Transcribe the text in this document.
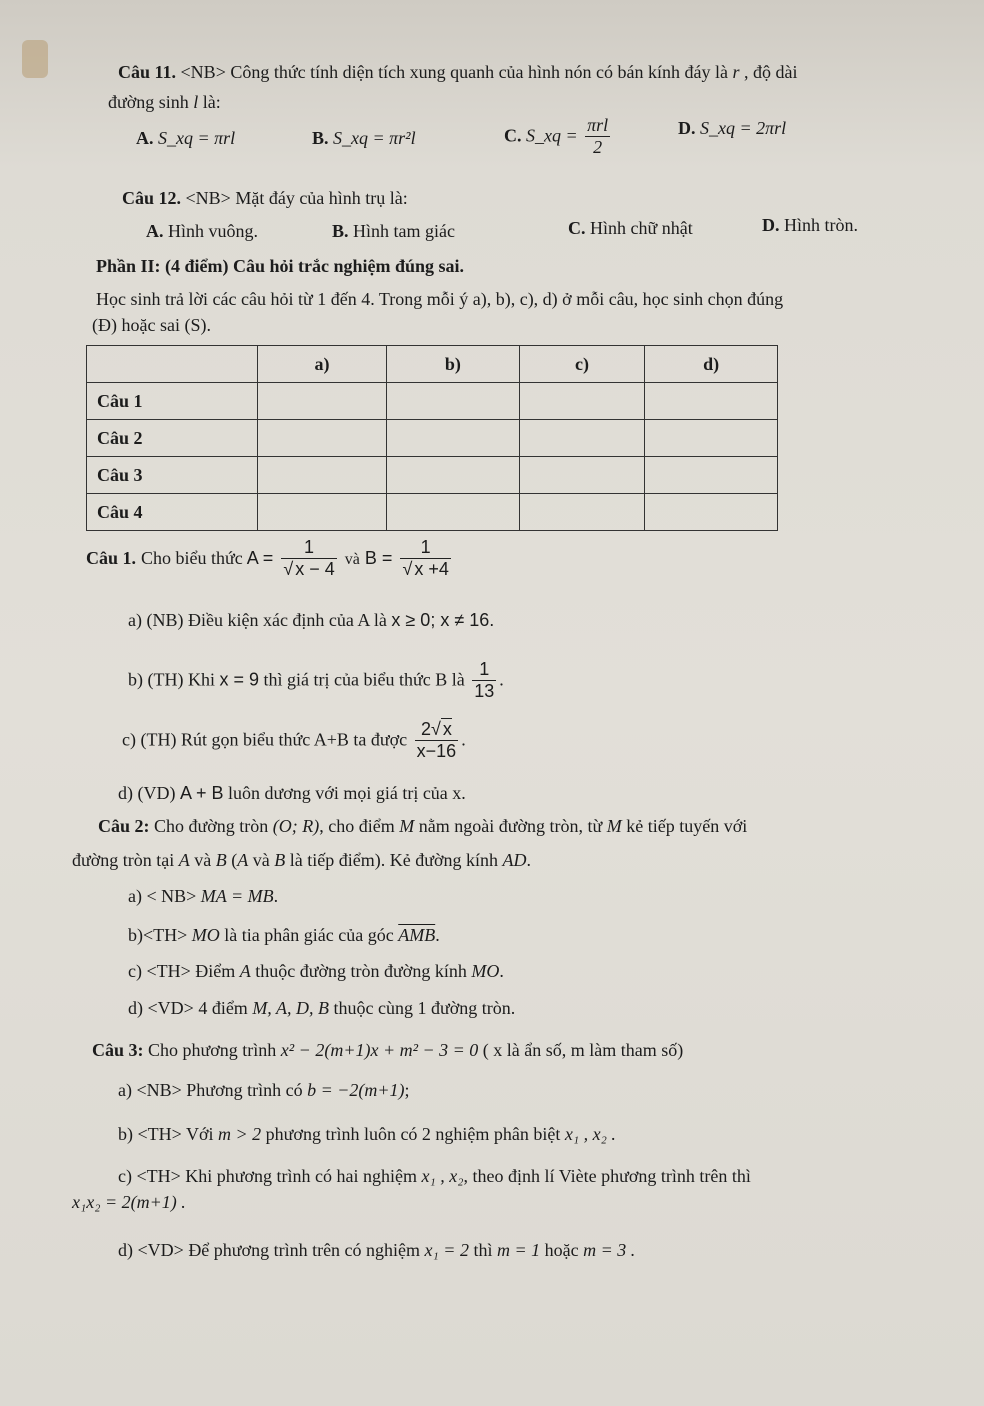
Câu 11. <NB> Công thức tính diện tích xung quanh của hình nón có bán kính đáy là r , độ dài
đường sinh l là:
A. S_xq = πrl	B. S_xq = πr²l	C. S_xq = $\frac{\text{πrl}}{2}$	D. S_xq = 2πrl
Câu 12. <NB> Mặt đáy của hình trụ là:
A. Hình vuông.	B. Hình tam giác	C. Hình chữ nhật	D. Hình tròn.
Phần II: (4 điểm) Câu hỏi trắc nghiệm đúng sai.
Học sinh trả lời các câu hỏi từ 1 đến 4. Trong mỗi ý a), b), c), d) ở mỗi câu, học sinh chọn đúng
(Đ) hoặc sai (S).
	a)	b)	c)	d)
Câu 1				
Câu 2				
Câu 3				
Câu 4				
Câu 1. Cho biểu thức $A = \frac{1}{√ x - 4}$ và $B = \frac{1}{√ x +4}$
a) (NB) Điều kiện xác định của A là x ≥ 0; x ≠ 16.
b) (TH) Khi x = 9 thì giá trị của biểu thức B là $\frac{1}{13}$ .
c) (TH) Rút gọn biểu thức A+B ta được $\frac{2√ x}{x-16}$ .
d) (VD) A + B luôn dương với mọi giá trị của x.
Câu 2: Cho đường tròn (O; R), cho điểm M nằm ngoài đường tròn, từ M kẻ tiếp tuyến với
đường tròn tại A và B (A và B là tiếp điểm). Kẻ đường kính AD.
a) < NB> MA = MB.
b)<TH> MO là tia phân giác của góc $\overline{AMB}$.
c) <TH> Điểm A thuộc đường tròn đường kính MO.
d) <VD> 4 điểm M, A, D, B thuộc cùng 1 đường tròn.
Câu 3: Cho phương trình x² − 2(m+1)x + m² − 3 = 0 ( x là ẩn số, m làm tham số)
a) <NB> Phương trình có b = −2(m+1);
b) <TH> Với m > 2 phương trình luôn có 2 nghiệm phân biệt x₁ , x₂ .
c) <TH> Khi phương trình có hai nghiệm x₁ , x₂, theo định lí Viète phương trình trên thì
x₁x₂ = 2(m+1) .
d) <VD> Để phương trình trên có nghiệm x₁ = 2 thì m = 1 hoặc m = 3 .
